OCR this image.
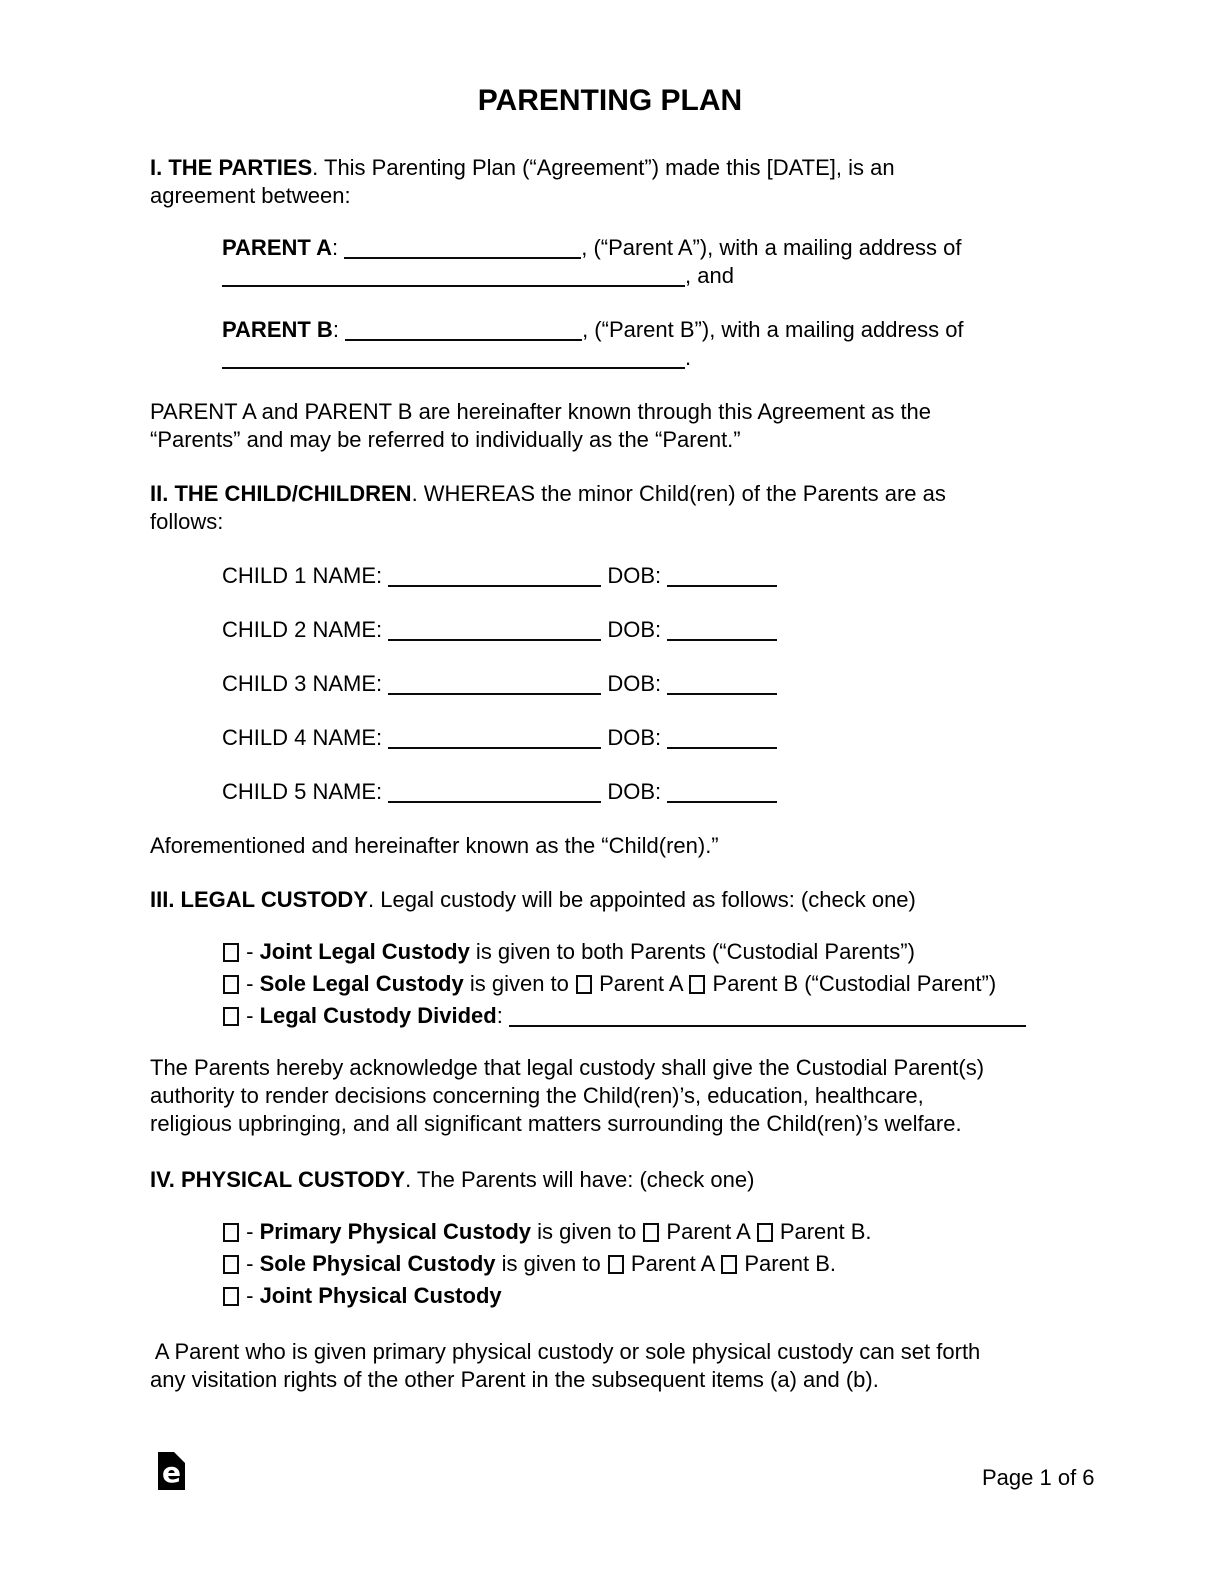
PARENTING PLAN
I. THE PARTIES. This Parenting Plan (“Agreement”) made this [DATE], is an
agreement between:
PARENT A:	, (“Parent A”), with a mailing address of
, and
PARENT B:	, (“Parent B”), with a mailing address of
.
PARENT A and PARENT B are hereinafter known through this Agreement as the
“Parents” and may be referred to individually as the “Parent.”
II. THE CHILD/CHILDREN. WHEREAS the minor Child(ren) of the Parents are as
follows:
CHILD 1 NAME:	DOB:
CHILD 2 NAME:	DOB:
CHILD 3 NAME:	DOB:
CHILD 4 NAME:	DOB:
CHILD 5 NAME:	DOB:
Aforementioned and hereinafter known as the “Child(ren).”
III. LEGAL CUSTODY. Legal custody will be appointed as follows: (check one)
- Joint Legal Custody is given to both Parents (“Custodial Parents”)
- Sole Legal Custody is given to  Parent A  Parent B (“Custodial Parent”)
- Legal Custody Divided:
The Parents hereby acknowledge that legal custody shall give the Custodial Parent(s)
authority to render decisions concerning the Child(ren)’s, education, healthcare,
religious upbringing, and all significant matters surrounding the Child(ren)’s welfare.
IV. PHYSICAL CUSTODY. The Parents will have: (check one)
- Primary Physical Custody is given to  Parent A  Parent B.
- Sole Physical Custody is given to  Parent A  Parent B.
- Joint Physical Custody
A Parent who is given primary physical custody or sole physical custody can set forth
any visitation rights of the other Parent in the subsequent items (a) and (b).
e	Page 1 of 6
